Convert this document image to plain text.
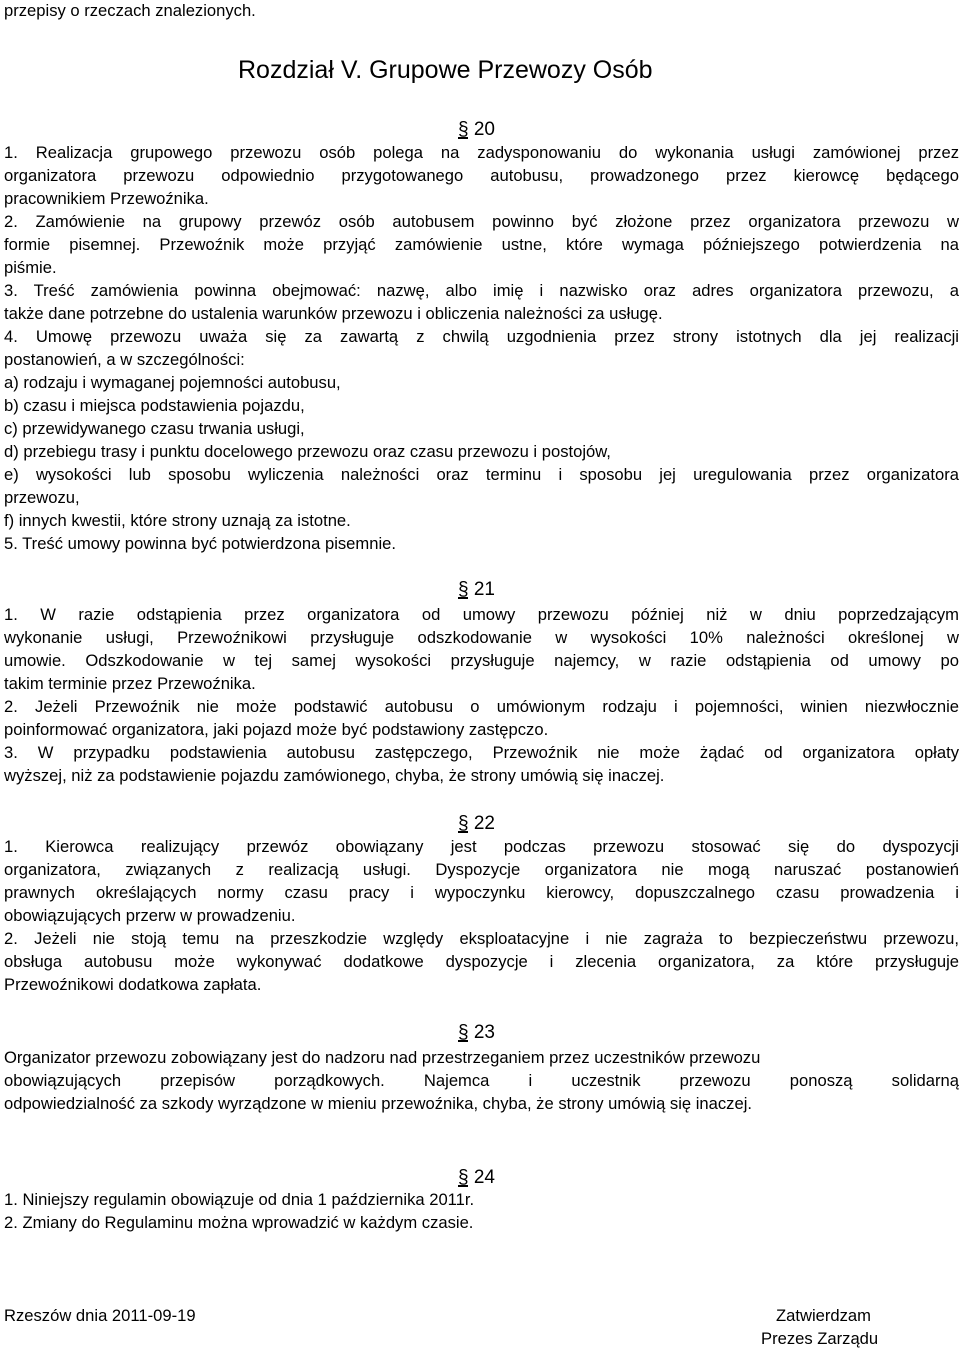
przepisy o rzeczach znalezionych.
Rozdział V. Grupowe Przewozy Osób
§ 20
1. Realizacja grupowego przewozu osób polega na zadysponowaniu do wykonania usługi zamówionej przez
organizatora przewozu odpowiednio przygotowanego autobusu, prowadzonego przez kierowcę będącego
pracownikiem Przewoźnika.
2. Zamówienie na grupowy przewóz osób autobusem powinno być złożone przez organizatora przewozu w
formie pisemnej. Przewoźnik może przyjąć zamówienie ustne, które wymaga późniejszego potwierdzenia na
piśmie.
3. Treść zamówienia powinna obejmować: nazwę, albo imię i nazwisko oraz adres organizatora przewozu, a
także dane potrzebne do ustalenia warunków przewozu i obliczenia należności za usługę.
4. Umowę przewozu uważa się za zawartą z chwilą uzgodnienia przez strony istotnych dla jej realizacji
postanowień, a w szczególności:
a) rodzaju i wymaganej pojemności autobusu,
b) czasu i miejsca podstawienia pojazdu,
c) przewidywanego czasu trwania usługi,
d) przebiegu trasy i punktu docelowego przewozu oraz czasu przewozu i postojów,
e) wysokości lub sposobu wyliczenia należności oraz terminu i sposobu jej uregulowania przez organizatora
przewozu,
f) innych kwestii, które strony uznają za istotne.
5. Treść umowy powinna być potwierdzona pisemnie.
§ 21
1. W razie odstąpienia przez organizatora od umowy przewozu później niż w dniu poprzedzającym
wykonanie usługi, Przewoźnikowi przysługuje odszkodowanie w wysokości 10% należności określonej w
umowie. Odszkodowanie w tej samej wysokości przysługuje najemcy, w razie odstąpienia od umowy po
takim terminie przez Przewoźnika.
2. Jeżeli Przewoźnik nie może podstawić autobusu o umówionym rodzaju i pojemności, winien niezwłocznie
poinformować organizatora, jaki pojazd może być podstawiony zastępczo.
3. W przypadku podstawienia autobusu zastępczego, Przewoźnik nie może żądać od organizatora opłaty
wyższej, niż za podstawienie pojazdu zamówionego, chyba, że strony umówią się inaczej.
§ 22
1. Kierowca realizujący przewóz obowiązany jest podczas przewozu stosować się do dyspozycji
organizatora, związanych z realizacją usługi. Dyspozycje organizatora nie mogą naruszać postanowień
prawnych określających normy czasu pracy i wypoczynku kierowcy, dopuszczalnego czasu prowadzenia i
obowiązujących przerw w prowadzeniu.
2. Jeżeli nie stoją temu na przeszkodzie względy eksploatacyjne i nie zagraża to bezpieczeństwu przewozu,
obsługa autobusu może wykonywać dodatkowe dyspozycje i zlecenia organizatora, za które przysługuje
Przewoźnikowi dodatkowa zapłata.
§ 23
Organizator przewozu zobowiązany jest do nadzoru nad przestrzeganiem przez uczestników przewozu
obowiązujących przepisów porządkowych. Najemca i uczestnik przewozu ponoszą solidarną
odpowiedzialność za szkody wyrządzone w mieniu przewoźnika, chyba, że strony umówią się inaczej.
§ 24
1. Niniejszy regulamin obowiązuje od dnia 1 października 2011r.
2. Zmiany do Regulaminu można wprowadzić w każdym czasie.
Rzeszów dnia 2011-09-19	Zatwierdzam
Prezes Zarządu
